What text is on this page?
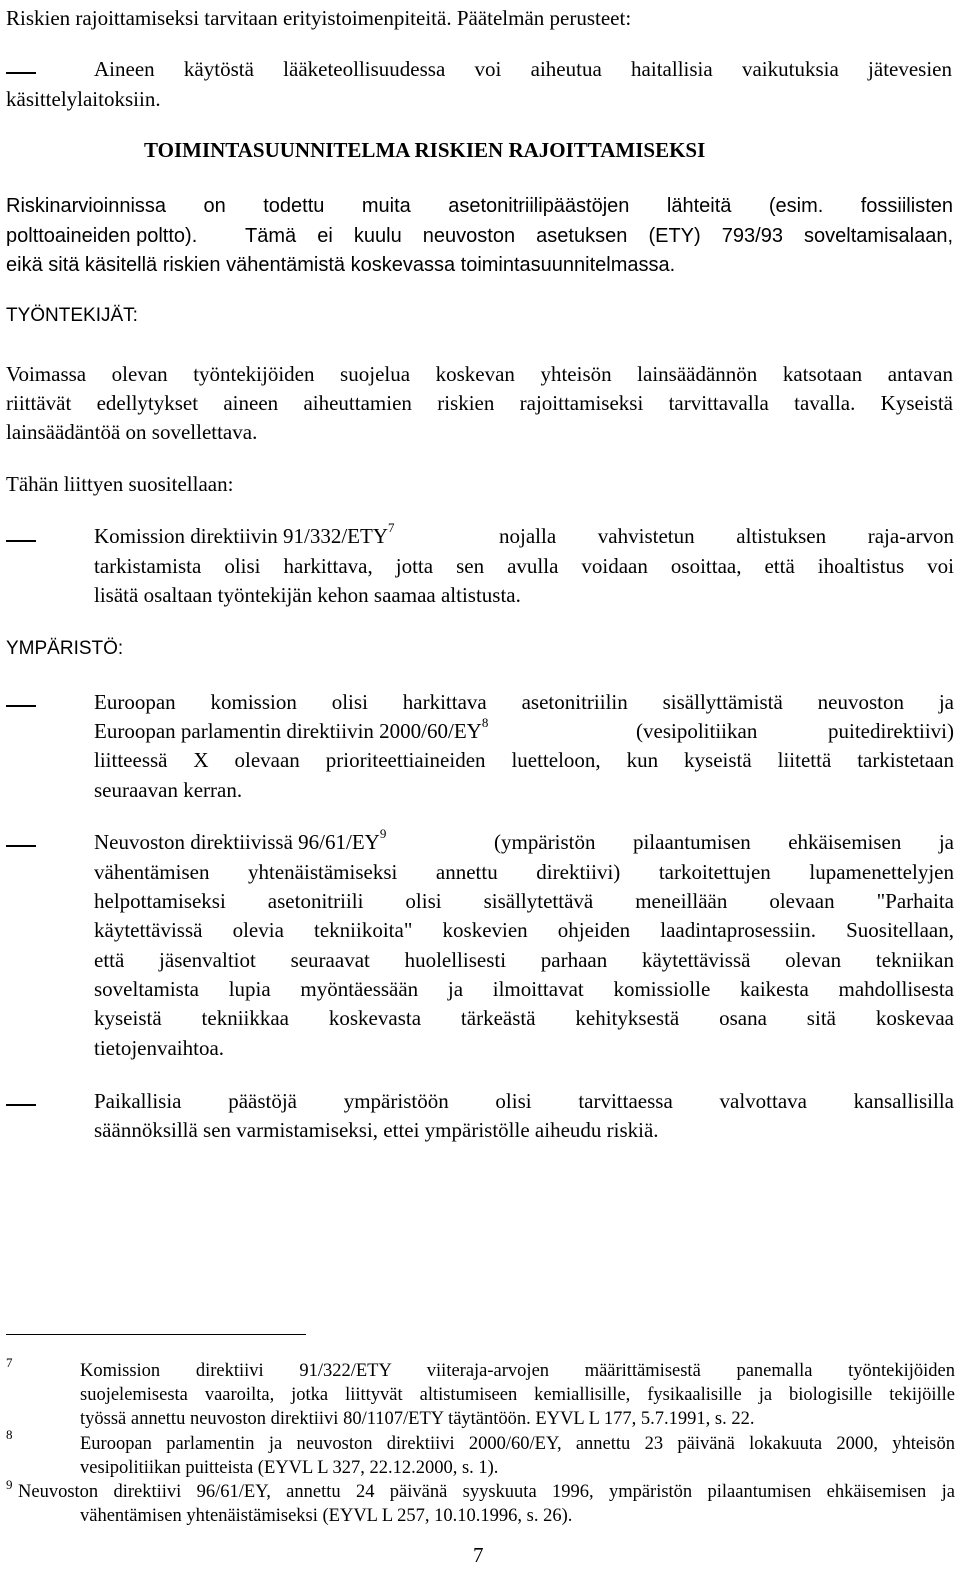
Riskien rajoittamiseksi tarvitaan erityistoimenpiteitä. Päätelmän perusteet:
Aineen käytöstä lääketeollisuudessa voi aiheutua haitallisia vaikutuksia jätevesien
käsittelylaitoksiin.
TOIMINTASUUNNITELMA RISKIEN RAJOITTAMISEKSI
Riskinarvioinnissa on todettu muita asetonitriilipäästöjen lähteitä (esim. fossiilisten
polttoaineiden poltto). Tämä ei kuulu neuvoston asetuksen (ETY) 793/93 soveltamisalaan,
eikä sitä käsitellä riskien vähentämistä koskevassa toimintasuunnitelmassa.
TYÖNTEKIJÄT:
Voimassa olevan työntekijöiden suojelua koskevan yhteisön lainsäädännön katsotaan antavan
riittävät edellytykset aineen aiheuttamien riskien rajoittamiseksi tarvittavalla tavalla. Kyseistä
lainsäädäntöä on sovellettava.
Tähän liittyen suositellaan:
Komission direktiivin 91/332/ETY$^7$	nojalla vahvistetun altistuksen raja-arvon
tarkistamista olisi harkittava, jotta sen avulla voidaan osoittaa, että ihoaltistus voi
lisätä osaltaan työntekijän kehon saamaa altistusta.
YMPÄRISTÖ:
Euroopan komission olisi harkittava asetonitriilin sisällyttämistä neuvoston ja
Euroopan parlamentin direktiivin $2000/60/EY^8$	(vesipolitiikan puitedirektiivi)
liitteessä X olevaan prioriteettiaineiden luetteloon, kun kyseistä liitettä tarkistetaan
seuraavan kerran.
Neuvoston direktiivissä $96/61/EY^9$	(ympäristön pilaantumisen ehkäisemisen ja
vähentämisen yhtenäistämiseksi annettu direktiivi) tarkoitettujen lupamenettelyjen
helpottamiseksi asetonitriili olisi sisällytettävä meneillään olevaan "Parhaita
käytettävissä olevia tekniikoita" koskevien ohjeiden laadintaprosessiin. Suositellaan,
että jäsenvaltiot seuraavat huolellisesti parhaan käytettävissä olevan tekniikan
soveltamista lupia myöntäessään ja ilmoittavat komissiolle kaikesta mahdollisesta
kyseistä tekniikkaa koskevasta tärkeästä kehityksestä osana sitä koskevaa
tietojenvaihtoa.
Paikallisia päästöjä ympäristöön olisi tarvittaessa valvottava kansallisilla
säännöksillä sen varmistamiseksi, ettei ympäristölle aiheudu riskiä.
7	Komission direktiivi 91/322/ETY viiteraja-arvojen määrittämisestä panemalla työntekijöiden
suojelemisesta vaaroilta, jotka liittyvät altistumiseen kemiallisille, fysikaalisille ja biologisille tekijöille
työssä annettu neuvoston direktiivi 80/1107/ETY täytäntöön. EYVL L 177, 5.7.1991, s. 22.
8	Euroopan parlamentin ja neuvoston direktiivi 2000/60/EY, annettu 23 päivänä lokakuuta 2000, yhteisön
vesipolitiikan puitteista (EYVL L 327, 22.12.2000, s. 1).
9 Neuvoston direktiivi 96/61/EY, annettu 24 päivänä syyskuuta 1996, ympäristön pilaantumisen ehkäisemisen ja
vähentämisen yhtenäistämiseksi (EYVL L 257, 10.10.1996, s. 26).
7
